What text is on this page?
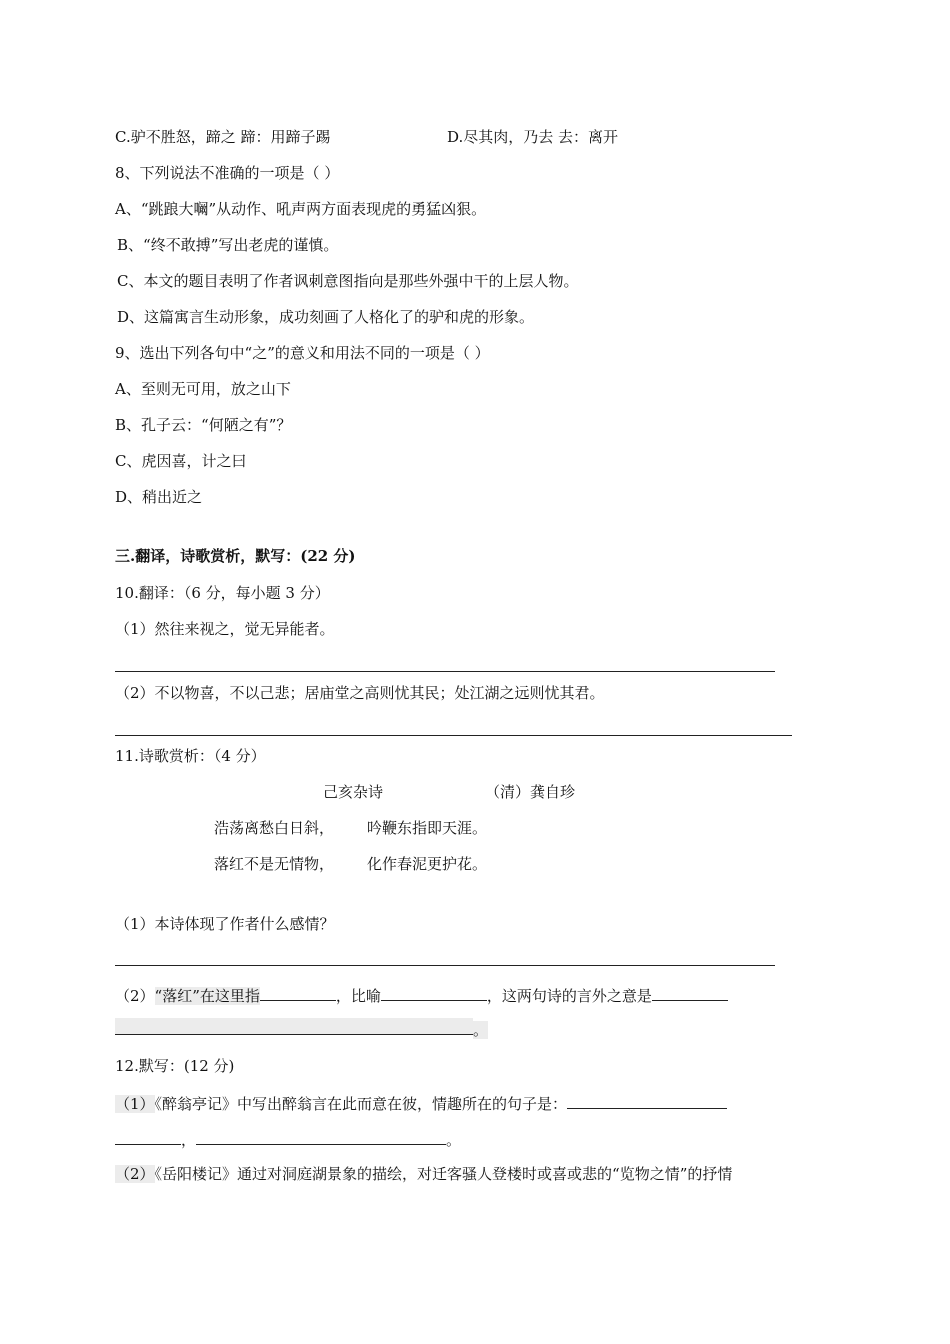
C.驴不胜怒，蹄之 蹄：用蹄子踢	D.尽其肉，乃去 去：离开
8、下列说法不准确的一项是（ ）
A、“跳踉大㘎”从动作、吼声两方面表现虎的勇猛凶狠。
B、“终不敢搏”写出老虎的谨慎。
C、本文的题目表明了作者讽刺意图指向是那些外强中干的上层人物。
D、这篇寓言生动形象，成功刻画了人格化了的驴和虎的形象。
9、选出下列各句中“之”的意义和用法不同的一项是（ ）
A、至则无可用，放之山下
B、孔子云：“何陋之有”？
C、虎因喜，计之曰
D、稍出近之
三.翻译，诗歌赏析，默写：(22 分)
10.翻译：（6 分，每小题 3 分）
（1）然往来视之，觉无异能者。
（2）不以物喜，不以己悲；居庙堂之高则忧其民；处江湖之远则忧其君。
11.诗歌赏析：（4 分）
己亥杂诗	（清）龚自珍
浩荡离愁白日斜， 吟鞭东指即天涯。
落红不是无情物， 化作春泥更护花。
（1）本诗体现了作者什么感情？
（2）“落红”在这里指	，比喻	，这两句诗的言外之意是
。
12.默写：(12 分)
（1）《醉翁亭记》中写出醉翁言在此而意在彼，情趣所在的句子是：
，	。
（2）《岳阳楼记》通过对洞庭湖景象的描绘，对迁客骚人登楼时或喜或悲的“览物之情”的抒情
